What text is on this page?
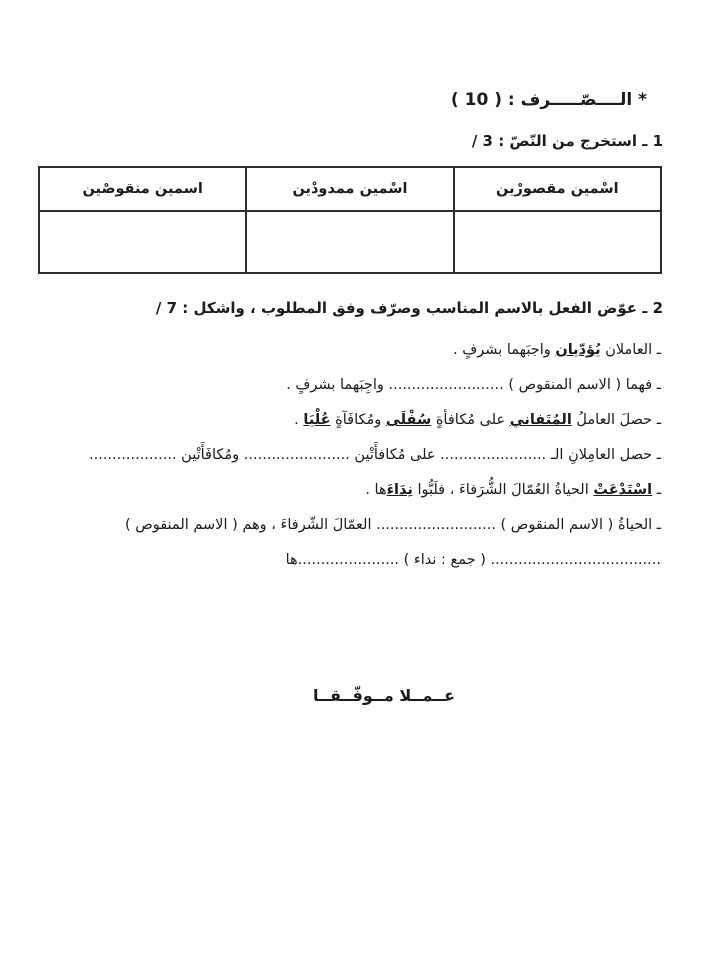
* الــــصّـــــرف : ( 10 )
1 ـ استخرج من النّصّ : 3 /
اسْمين مقصورْين	اسْمين ممدودْين	اسمين منقوصْين

2 ـ عوّض الفعل بالاسم المناسب وصرّف وفق المطلوب ، واشكل : 7 /
ـ العاملان يُؤدّيان واجبَهما بشرفٍ .
ـ فهما ( الاسم المنقوص ) ......................... واجِبَهما بشرفٍ .
ـ حصلَ العاملُ المُتَفاني على مُكافأةٍ سُفْلَى ومُكافَآةٍ عُلْيَا .
ـ حصل العامِلانِ الـ ....................... على مُكافأَتْين ....................... ومُكافَأَتْين ...................
ـ اسْتَدْعَتْ الحياةُ العُمّالَ الشُّرَفاءَ ، فلَبُّوا نِدَاءَها .
ـ الحياةُ ( الاسم المنقوص ) .......................... العمّالَ الشّرفاءَ ، وهم ( الاسم المنقوص )
..................................... ( جمع : نداء ) ......................ها
عــمــلا مــوفّــقــا
